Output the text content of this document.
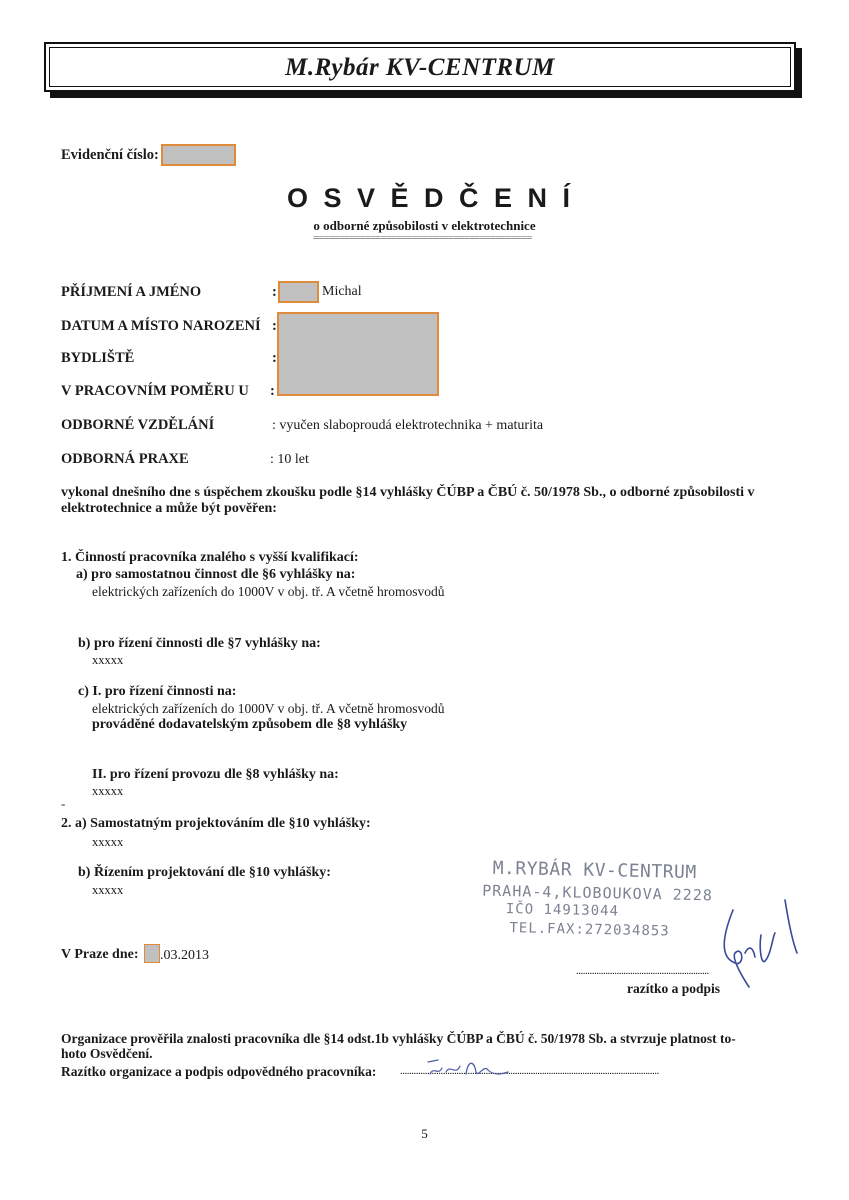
M.Rybár KV-CENTRUM
Evidenční číslo:
O S V Ě D Č E N Í
o odborné způsobilosti v elektrotechnice
==========================================
PŘÍJMENÍ A JMÉNO	:	Michal
DATUM A MÍSTO NAROZENÍ :
BYDLIŠTĚ	:
V PRACOVNÍM POMĚRU U :
ODBORNÉ VZDĚLÁNÍ	: vyučen slaboproudá elektrotechnika + maturita
ODBORNÁ PRAXE	: 10 let
vykonal dnešního dne s úspěchem zkoušku podle §14 vyhlášky ČÚBP a ČBÚ č. 50/1978 Sb., o odborné způsobilosti v
elektrotechnice a může být pověřen:
1. Činností pracovníka znalého s vyšší kvalifikací:
a) pro samostatnou činnost dle §6 vyhlášky na:
elektrických zařízeních do 1000V v obj. tř. A včetně hromosvodů
b) pro řízení činnosti dle §7 vyhlášky na:
xxxxx
c) I. pro řízení činnosti na:
elektrických zařízeních do 1000V v obj. tř. A včetně hromosvodů
prováděné dodavatelským způsobem dle §8 vyhlášky
II. pro řízení provozu dle §8 vyhlášky na:
xxxxx
-
2. a) Samostatným projektováním dle §10 vyhlášky:
xxxxx
b) Řízením projektování dle §10 vyhlášky:
xxxxx
M.RYBÁR KV-CENTRUM
PRAHA-4,KLOBOUKOVA 2228
IČO 14913044
TEL.FAX:272034853
V Praze dne: .03.2013
...........................................................
razítko a podpis
Organizace prověřila znalosti pracovníka dle §14 odst.1b vyhlášky ČÚBP a ČBÚ č. 50/1978 Sb. a stvrzuje platnost to-
hoto Osvědčení.
Razítko organizace a podpis odpovědného pracovníka: ...................................................................................................................
5
